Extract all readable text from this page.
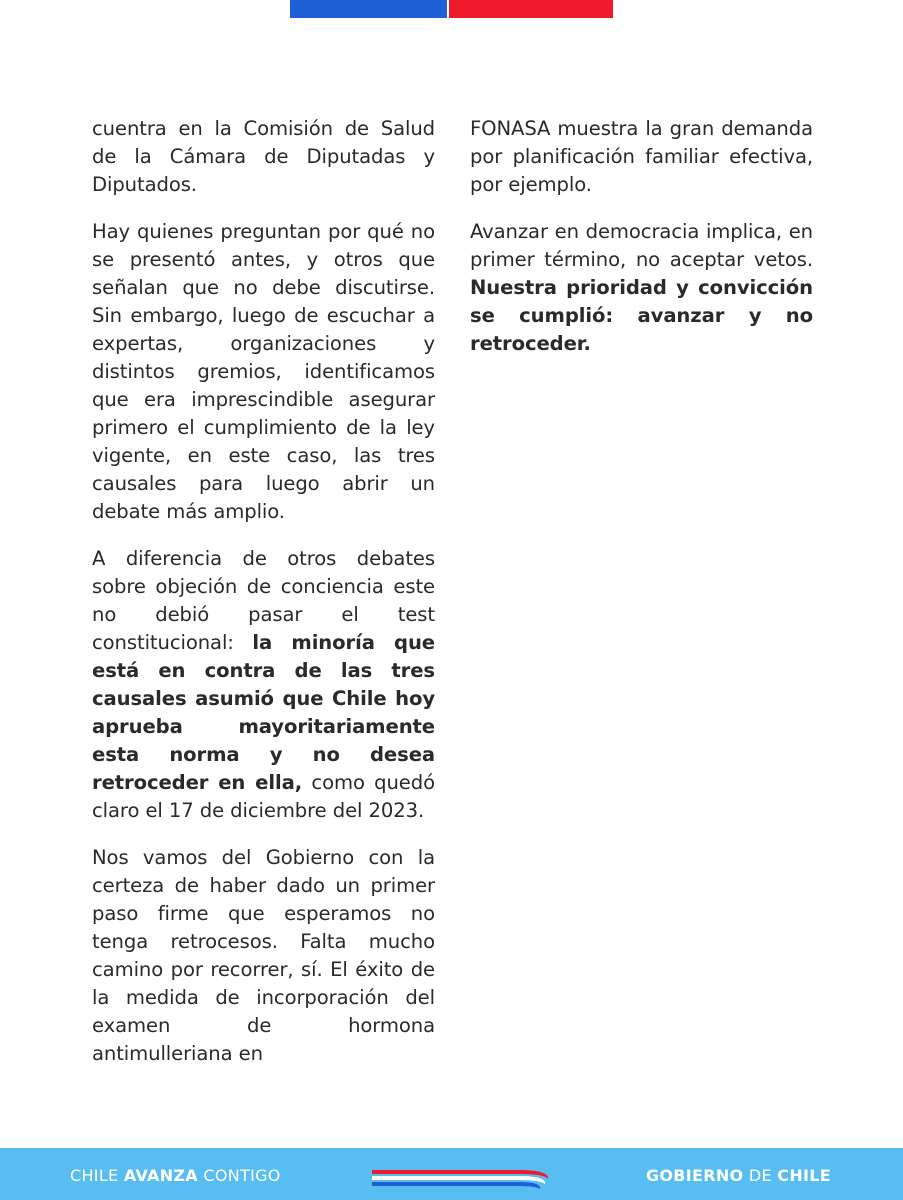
cuentra en la Comisión de Salud de la Cámara de Diputadas y Diputados.

Hay quienes preguntan por qué no se presentó antes, y otros que señalan que no debe discutirse. Sin embargo, luego de escuchar a expertas, organizaciones y distintos gremios, identificamos que era imprescindible asegurar primero el cumplimiento de la ley vigente, en este caso, las tres causales para luego abrir un debate más amplio.

A diferencia de otros debates sobre objeción de conciencia este no debió pasar el test constitucional: la minoría que está en contra de las tres causales asumió que Chile hoy aprueba mayoritariamente esta norma y no desea retroceder en ella, como quedó claro el 17 de diciembre del 2023.

Nos vamos del Gobierno con la certeza de haber dado un primer paso firme que esperamos no tenga retrocesos. Falta mucho camino por recorrer, sí. El éxito de la medida de incorporación del examen de hormona antimulleriana en

FONASA muestra la gran demanda por planificación familiar efectiva, por ejemplo.

Avanzar en democracia implica, en primer término, no aceptar vetos. Nuestra prioridad y convicción se cumplió: avanzar y no retroceder.

CHILE AVANZA CONTIGO	GOBIERNO DE CHILE
